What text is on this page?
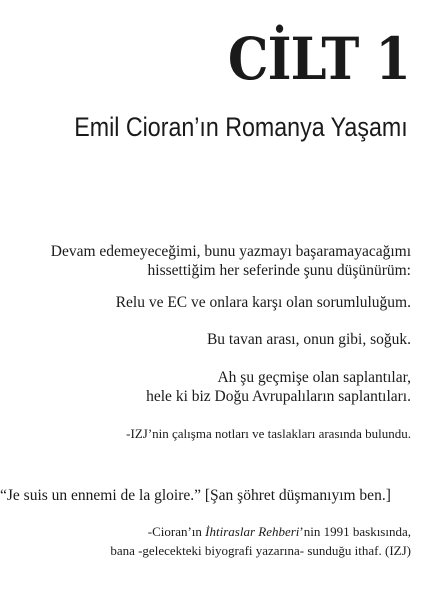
CİLT 1
Emil Cioran’ın Romanya Yaşamı

Devam edemeyeceğimi, bunu yazmayı başaramayacağımı

hissettiğim her seferinde şunu düşünürüm:

Relu ve EC ve onlara karşı olan sorumluluğum.

Bu tavan arası, onun gibi, soğuk.

Ah şu geçmişe olan saplantılar,

hele ki biz Doğu Avrupalıların saplantıları.

-IZJ’nin çalışma notları ve taslakları arasında bulundu.

“Je suis un ennemi de la gloire.” [Şan şöhret düşmanıyım ben.]

-Cioran’ın İhtiraslar Rehberi’nin 1991 baskısında,

bana -gelecekteki biyografi yazarına- sunduğu ithaf. (IZJ)
